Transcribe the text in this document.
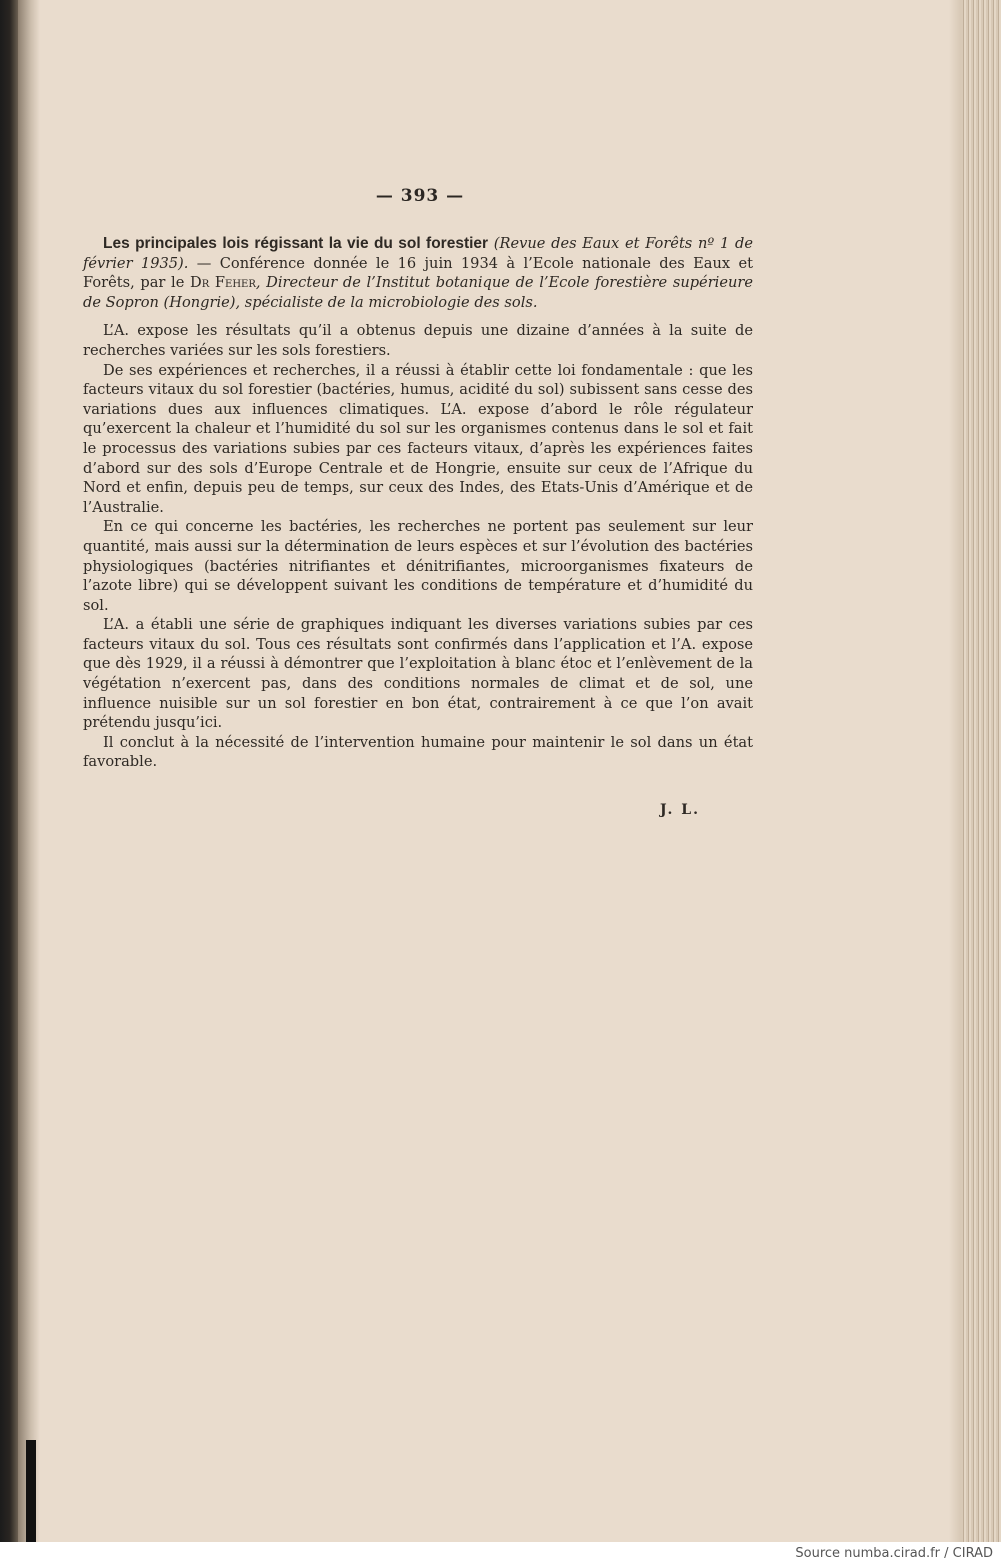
— 393 —

Les principales lois régissant la vie du sol forestier (Revue des Eaux et Forêts nº 1 de février 1935). — Conférence donnée le 16 juin 1934 à l’Ecole nationale des Eaux et Forêts, par le Dr Feher, Directeur de l’Institut botanique de l’Ecole forestière supérieure de Sopron (Hongrie), spécialiste de la microbiologie des sols.

L’A. expose les résultats qu’il a obtenus depuis une dizaine d’années à la suite de recherches variées sur les sols forestiers.

De ses expériences et recherches, il a réussi à établir cette loi fondamentale : que les facteurs vitaux du sol forestier (bactéries, humus, acidité du sol) subissent sans cesse des variations dues aux influences climatiques. L’A. expose d’abord le rôle régulateur qu’exercent la chaleur et l’humidité du sol sur les organismes contenus dans le sol et fait le processus des variations subies par ces facteurs vitaux, d’après les expériences faites d’abord sur des sols d’Europe Centrale et de Hongrie, ensuite sur ceux de l’Afrique du Nord et enfin, depuis peu de temps, sur ceux des Indes, des Etats-Unis d’Amérique et de l’Australie.

En ce qui concerne les bactéries, les recherches ne portent pas seulement sur leur quantité, mais aussi sur la détermination de leurs espèces et sur l’évolution des bactéries physiologiques (bactéries nitrifiantes et dénitrifiantes, microorganismes fixateurs de l’azote libre) qui se développent suivant les conditions de température et d’humidité du sol.

L’A. a établi une série de graphiques indiquant les diverses variations subies par ces facteurs vitaux du sol. Tous ces résultats sont confirmés dans l’application et l’A. expose que dès 1929, il a réussi à démontrer que l’exploitation à blanc étoc et l’enlèvement de la végétation n’exercent pas, dans des conditions normales de climat et de sol, une influence nuisible sur un sol forestier en bon état, contrairement à ce que l’on avait prétendu jusqu’ici.

Il conclut à la nécessité de l’intervention humaine pour maintenir le sol dans un état favorable.

J. L.
Source numba.cirad.fr / CIRAD
